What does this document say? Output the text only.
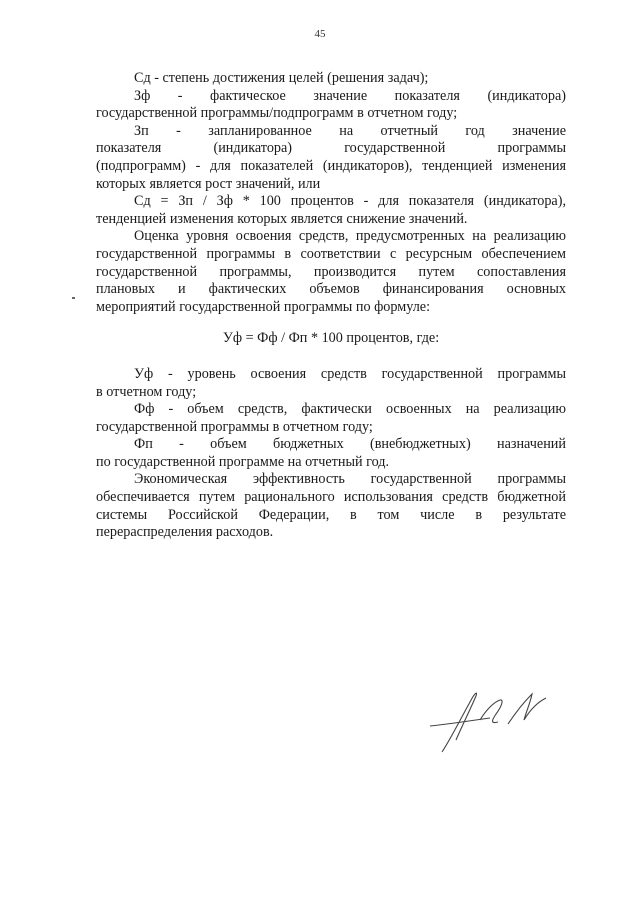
45
Сд - степень достижения целей (решения задач);
Зф - фактическое значение показателя (индикатора)
государственной программы/подпрограмм в отчетном году;
Зп - запланированное на отчетный год значение
показателя (индикатора) государственной программы
(подпрограмм) - для показателей (индикаторов), тенденцией изменения
которых является рост значений, или
Сд = Зп / Зф * 100 процентов - для показателя (индикатора),
тенденцией изменения которых является снижение значений.
Оценка уровня освоения средств, предусмотренных на реализацию
государственной программы в соответствии с ресурсным обеспечением
государственной программы, производится путем сопоставления
плановых и фактических объемов финансирования основных
мероприятий государственной программы по формуле:
Уф = Фф / Фп * 100 процентов, где:
Уф - уровень освоения средств государственной программы
в отчетном году;
Фф - объем средств, фактически освоенных на реализацию
государственной программы в отчетном году;
Фп - объем бюджетных (внебюджетных) назначений
по государственной программе на отчетный год.
Экономическая эффективность государственной программы
обеспечивается путем рационального использования средств бюджетной
системы Российской Федерации, в том числе в результате
перераспределения расходов.
